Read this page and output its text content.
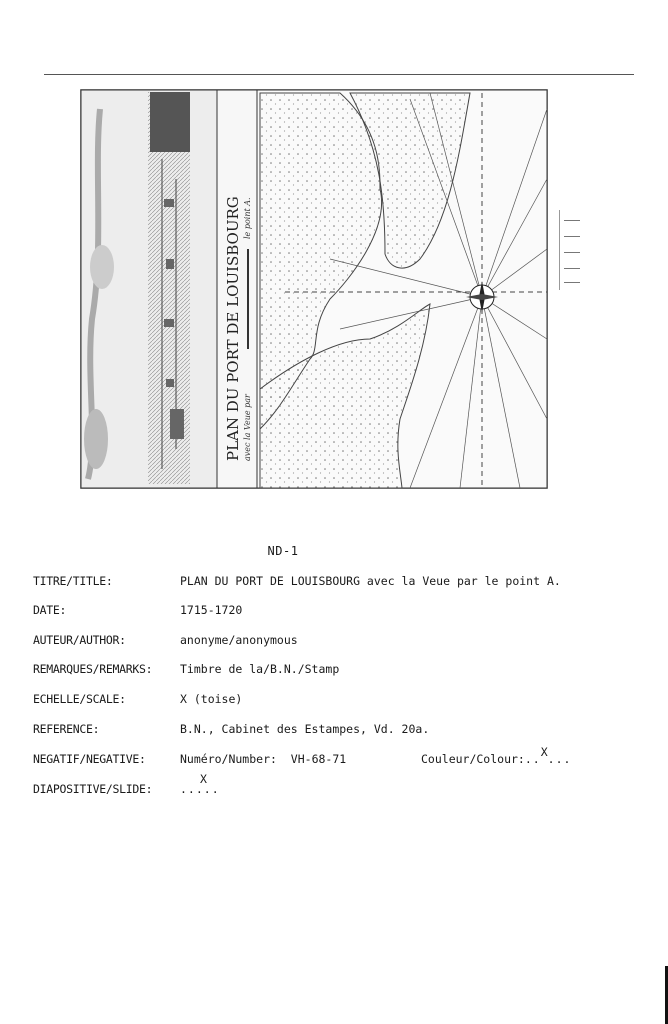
PLAN DU PORT DE LOUISBOURG avec la Veue par
le point A.
ND-1
TITRE/TITLE:	PLAN DU PORT DE LOUISBOURG avec la Veue par le point A.
DATE:	1715-1720
AUTEUR/AUTHOR:	anonyme/anonymous
REMARQUES/REMARKS:	Timbre de la/B.N./Stamp
ECHELLE/SCALE:	X (toise)
REFERENCE:	B.N., Cabinet des Estampes, Vd. 20a.
NEGATIF/NEGATIVE:	Numéro/Number: VH-68-71	Couleur/Colour:..X...
DIAPOSITIVE/SLIDE:
X
.....
